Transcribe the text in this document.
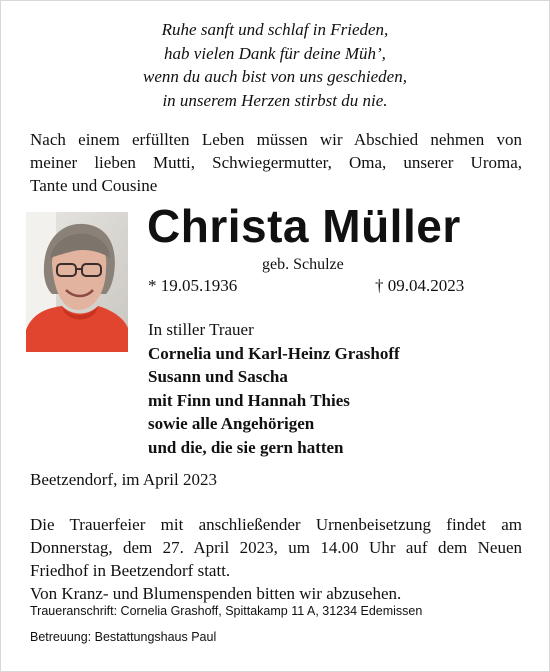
Ruhe sanft und schlaf in Frieden,
hab vielen Dank für deine Müh’,
wenn du auch bist von uns geschieden,
in unserem Herzen stirbst du nie.
Nach einem erfüllten Leben müssen wir Abschied nehmen von
meiner lieben Mutti, Schwiegermutter, Oma, unserer Uroma,
Tante und Cousine
Christa Müller
geb. Schulze
* 19.05.1936	† 09.04.2023
In stiller Trauer
Cornelia und Karl-Heinz Grashoff
Susann und Sascha
mit Finn und Hannah Thies
sowie alle Angehörigen
und die, die sie gern hatten
Beetzendorf, im April 2023
Die Trauerfeier mit anschließender Urnenbeisetzung findet am
Donnerstag, dem 27. April 2023, um 14.00 Uhr auf dem Neuen
Friedhof in Beetzendorf statt.
Von Kranz- und Blumenspenden bitten wir abzusehen.
Traueranschrift: Cornelia Grashoff, Spittakamp 11 A, 31234 Edemissen
Betreuung: Bestattungshaus Paul
